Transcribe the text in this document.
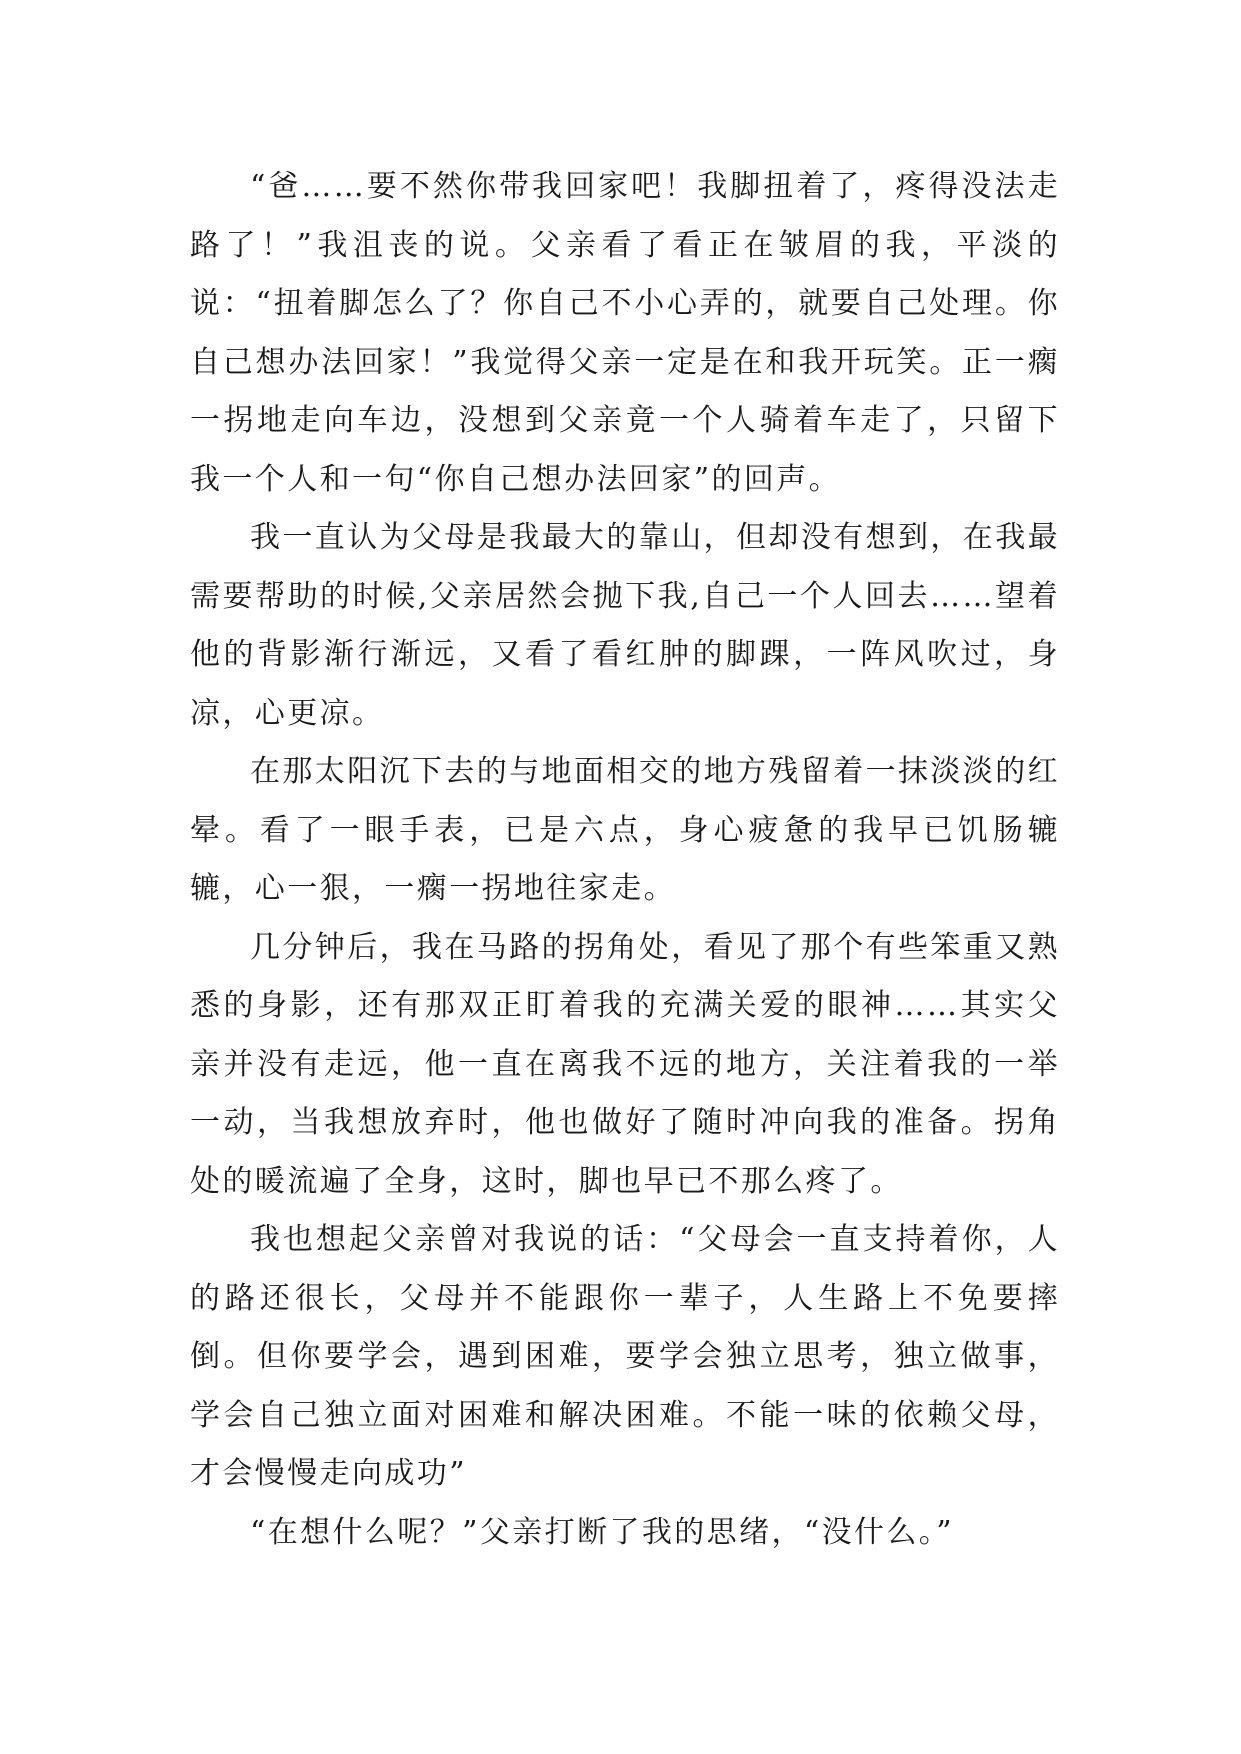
“爸……要不然你带我回家吧！我脚扭着了，疼得没法走路了！”我沮丧的说。父亲看了看正在皱眉的我，平淡的说：“扭着脚怎么了？你自己不小心弄的，就要自己处理。你自己想办法回家！”我觉得父亲一定是在和我开玩笑。正一瘸一拐地走向车边，没想到父亲竟一个人骑着车走了，只留下我一个人和一句“你自己想办法回家”的回声。

我一直认为父母是我最大的靠山，但却没有想到，在我最需要帮助的时候,父亲居然会抛下我,自己一个人回去……望着他的背影渐行渐远，又看了看红肿的脚踝，一阵风吹过，身凉，心更凉。

在那太阳沉下去的与地面相交的地方残留着一抹淡淡的红晕。看了一眼手表，已是六点，身心疲惫的我早已饥肠辘辘，心一狠，一瘸一拐地往家走。

几分钟后，我在马路的拐角处，看见了那个有些笨重又熟悉的身影，还有那双正盯着我的充满关爱的眼神……其实父亲并没有走远，他一直在离我不远的地方，关注着我的一举一动，当我想放弃时，他也做好了随时冲向我的准备。拐角处的暖流遍了全身，这时，脚也早已不那么疼了。

我也想起父亲曾对我说的话：“父母会一直支持着你，人的路还很长，父母并不能跟你一辈子，人生路上不免要摔倒。但你要学会，遇到困难，要学会独立思考，独立做事，学会自己独立面对困难和解决困难。不能一味的依赖父母，才会慢慢走向成功”

“在想什么呢？”父亲打断了我的思绪，“没什么。”
